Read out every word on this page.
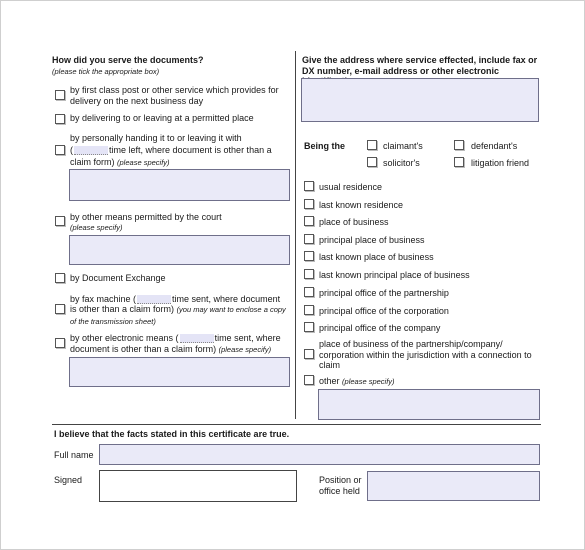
How did you serve the documents?
(please tick the appropriate box)
by first class post or other service which provides for delivery on the next business day
by delivering to or leaving at a permitted place
by personally handing it to or leaving it with
(	time left, where document is other than a
claim form) (please specify)
by other means permitted by the court
(please specify)
by Document Exchange
by fax machine (	time sent, where document
is other than a claim form) (you may want to enclose a copy of the transmission sheet)
by other electronic means (	time sent, where
document is other than a claim form) (please specify)
Give the address where service effected, include fax or DX number, e-mail address or other electronic
Being the	claimant's	defendant's
solicitor's	litigation friend
usual residence
last known residence
place of business
principal place of business
last known place of business
last known principal place of business
principal office of the partnership
principal office of the corporation
principal office of the company
place of business of the partnership/company/ corporation within the jurisdiction with a connection to claim
other (please specify)
I believe that the facts stated in this certificate are true.
Full name
Signed	Position or office held
